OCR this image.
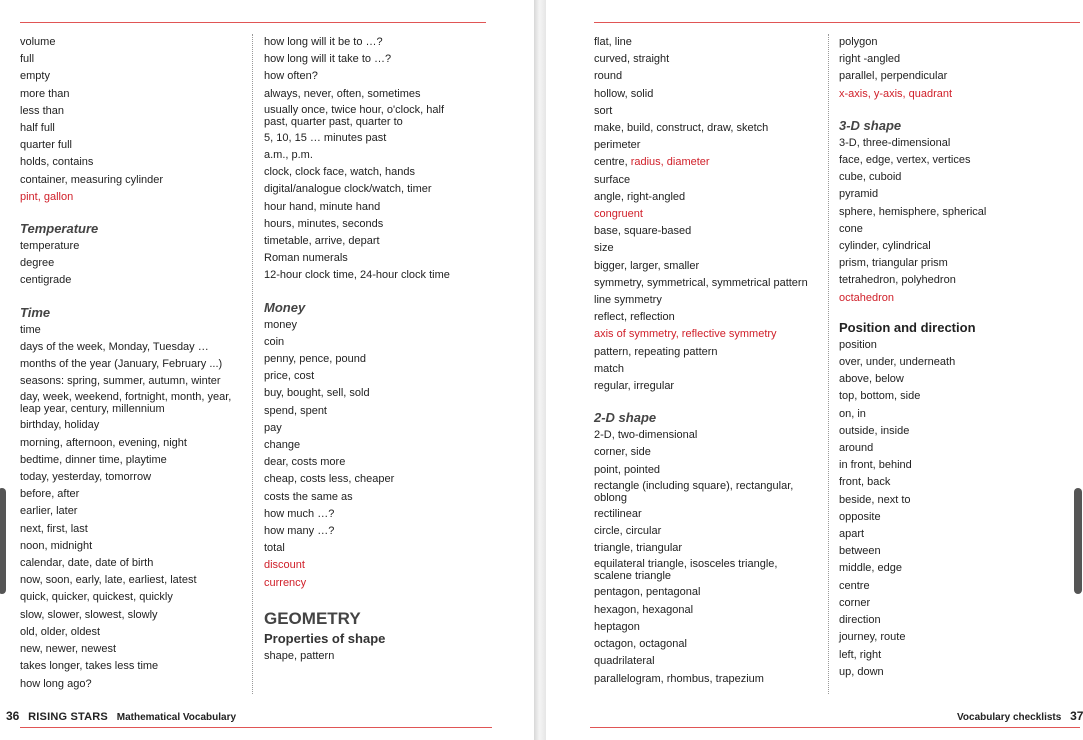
volume
full
empty
more than
less than
half full
quarter full
holds, contains
container, measuring cylinder
pint, gallon
Temperature
temperature
degree
centigrade
Time
time
days of the week, Monday, Tuesday …
months of the year (January, February ...)
seasons: spring, summer, autumn, winter
day, week, weekend, fortnight, month, year, leap year, century, millennium
birthday, holiday
morning, afternoon, evening, night
bedtime, dinner time, playtime
today, yesterday, tomorrow
before, after
earlier, later
next, first, last
noon, midnight
calendar, date, date of birth
now, soon, early, late, earliest, latest
quick, quicker, quickest, quickly
slow, slower, slowest, slowly
old, older, oldest
new, newer, newest
takes longer, takes less time
how long ago?
how long will it be to …?
how long will it take to …?
how often?
always, never, often, sometimes
usually once, twice hour, o'clock, half past, quarter past, quarter to
5, 10, 15 … minutes past
a.m., p.m.
clock, clock face, watch, hands
digital/analogue clock/watch, timer
hour hand, minute hand
hours, minutes, seconds
timetable, arrive, depart
Roman numerals
12-hour clock time, 24-hour clock time
Money
money
coin
penny, pence, pound
price, cost
buy, bought, sell, sold
spend, spent
pay
change
dear, costs more
cheap, costs less, cheaper
costs the same as
how much …?
how many …?
total
discount
currency
GEOMETRY
Properties of shape
shape, pattern
36 RISING STARS Mathematical Vocabulary
flat, line
curved, straight
round
hollow, solid
sort
make, build, construct, draw, sketch
perimeter
centre, radius, diameter
surface
angle, right-angled
congruent
base, square-based
size
bigger, larger, smaller
symmetry, symmetrical, symmetrical pattern
line symmetry
reflect, reflection
axis of symmetry, reflective symmetry
pattern, repeating pattern
match
regular, irregular
2-D shape
2-D, two-dimensional
corner, side
point, pointed
rectangle (including square), rectangular, oblong
rectilinear
circle, circular
triangle, triangular
equilateral triangle, isosceles triangle, scalene triangle
pentagon, pentagonal
hexagon, hexagonal
heptagon
octagon, octagonal
quadrilateral
parallelogram, rhombus, trapezium
polygon
right -angled
parallel, perpendicular
x-axis, y-axis, quadrant
3-D shape
3-D, three-dimensional
face, edge, vertex, vertices
cube, cuboid
pyramid
sphere, hemisphere, spherical
cone
cylinder, cylindrical
prism, triangular prism
tetrahedron, polyhedron
octahedron
Position and direction
position
over, under, underneath
above, below
top, bottom, side
on, in
outside, inside
around
in front, behind
front, back
beside, next to
opposite
apart
between
middle, edge
centre
corner
direction
journey, route
left, right
up, down
Vocabulary checklists 37
